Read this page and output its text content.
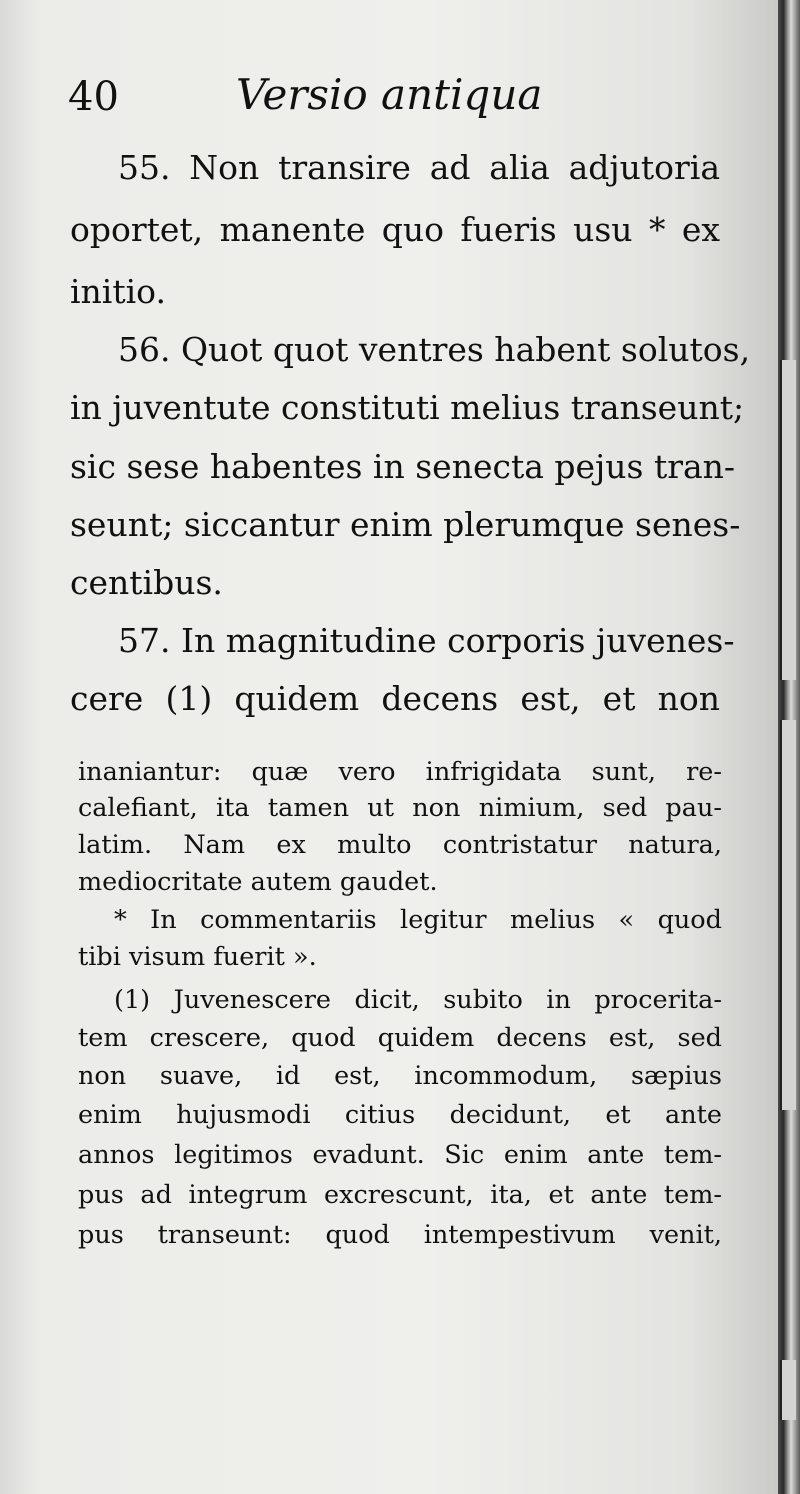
40	Versio antiqua
55. Non transire ad alia adjutoria
oportet, manente quo fueris usu * ex
initio.
56. Quot quot ventres habent solutos,
in juventute constituti melius transeunt;
sic sese habentes in senecta pejus tran-
seunt; siccantur enim plerumque senes-
centibus.
57. In magnitudine corporis juvenes-
cere (1) quidem decens est, et non
inaniantur: quæ vero infrigidata sunt, re-
calefiant, ita tamen ut non nimium, sed pau-
latim. Nam ex multo contristatur natura,
mediocritate autem gaudet.
* In commentariis legitur melius « quod
tibi visum fuerit ».
(1) Juvenescere dicit, subito in procerita-
tem crescere, quod quidem decens est, sed
non suave, id est, incommodum, sæpius
enim hujusmodi citius decidunt, et ante
annos legitimos evadunt. Sic enim ante tem-
pus ad integrum excrescunt, ita, et ante tem-
pus transeunt: quod intempestivum venit,
